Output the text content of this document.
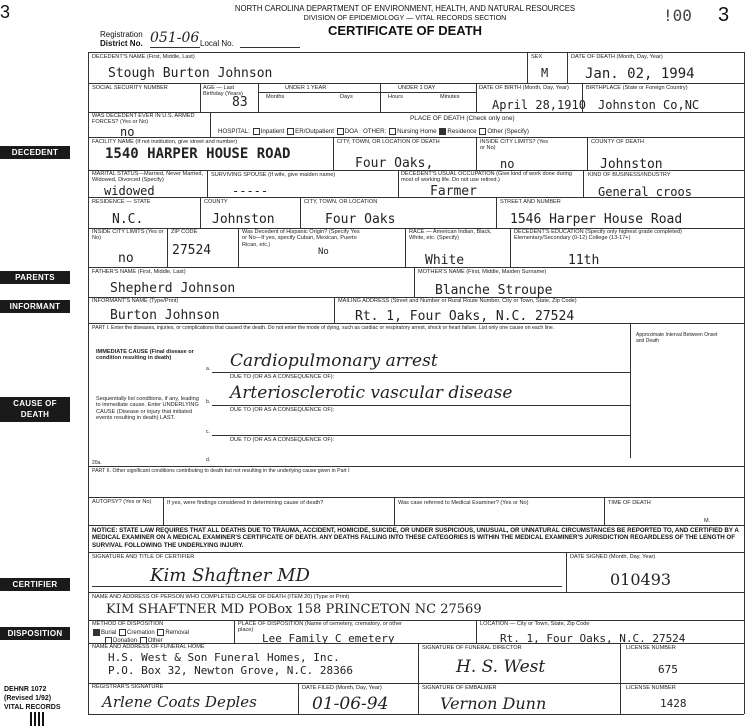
3	NORTH CAROLINA DEPARTMENT OF ENVIRONMENT, HEALTH, AND NATURAL RESOURCES
DIVISION OF EPIDEMIOLOGY — VITAL RECORDS SECTION
CERTIFICATE OF DEATH
!00 3
Registration
District No. 051-06 Local No.
DECEDENT
PARENTS
INFORMANT
CAUSE OF DEATH
CERTIFIER
DISPOSITION
DECEDENT'S NAME (First, Middle, Last)
Stough Burton Johnson
SEX
M
DATE OF DEATH (Month, Day, Year)
Jan. 02, 1994
SOCIAL SECURITY NUMBER	AGE — Last Birthday (Years)
83
UNDER 1 YEAR
Months	Days
UNDER 1 DAY
Hours	Minutes
DATE OF BIRTH (Month, Day, Year)
April 28,1910
BIRTHPLACE (State or Foreign Country)
Johnston Co,NC
WAS DECEDENT EVER IN U.S. ARMED FORCES? (Yes or No)
no
PLACE OF DEATH (Check only one)
HOSPITAL: Inpatient ER/Outpatient DOA OTHER: Nursing Home Residence Other (Specify)
FACILITY NAME (If not institution, give street and number)
1540 HARPER HOUSE ROAD
CITY, TOWN, OR LOCATION OF DEATH
Four Oaks,
INSIDE CITY LIMITS? (Yes or No)
no
COUNTY OF DEATH
Johnston
MARITAL STATUS—Married, Never Married, Widowed, Divorced (Specify)
widowed
SURVIVING SPOUSE (If wife, give maiden name)
-----
DECEDENT'S USUAL OCCUPATION (Give kind of work done during most of working life. Do not use retired.)
Farmer
KIND OF BUSINESS/INDUSTRY
General croos
RESIDENCE — STATE
N.C.
COUNTY
Johnston
CITY, TOWN, OR LOCATION
Four Oaks
STREET AND NUMBER
1546 Harper House Road
INSIDE CITY LIMITS (Yes or No)
no
ZIP CODE
27524
Was Decedent of Hispanic Origin? (Specify Yes or No—If yes, specify Cuban, Mexican, Puerto Rican, etc.)
No
RACE — American Indian, Black, White, etc. (Specify)
White
DECEDENT'S EDUCATION (Specify only highest grade completed) Elementary/Secondary (0-12) College (13-17+)
11th
FATHER'S NAME (First, Middle, Last)
Shepherd Johnson
MOTHER'S NAME (First, Middle, Maiden Surname)
Blanche Stroupe
INFORMANT'S NAME (Type/Print)
Burton Johnson
MAILING ADDRESS (Street and Number or Rural Route Number, City or Town, State, Zip Code)
Rt. 1, Four Oaks, N.C. 27524
PART I. Enter the diseases, injuries, or complications that caused the death. Do not enter the mode of dying, such as cardiac or respiratory arrest, shock or heart failure. List only one cause on each line.
Approximate Interval Between Onset and Death
IMMEDIATE CAUSE (Final disease or condition resulting in death)
a. Cardiopulmonary arrest
DUE TO (OR AS A CONSEQUENCE OF):
Sequentially list conditions, if any, leading to immediate cause. Enter UNDERLYING CAUSE (Disease or injury that initiated events resulting in death) LAST.
b. Arteriosclerotic vascular disease
DUE TO (OR AS A CONSEQUENCE OF):
c.
DUE TO (OR AS A CONSEQUENCE OF):
d.
20a.
PART II. Other significant conditions contributing to death but not resulting in the underlying cause given in Part I
AUTOPSY? (Yes or No)	If yes, were findings considered in determining cause of death?	Was case referred to Medical Examiner? (Yes or No)	TIME OF DEATH
M.
NOTICE: STATE LAW REQUIRES THAT ALL DEATHS DUE TO TRAUMA, ACCIDENT, HOMICIDE, SUICIDE, OR UNDER SUSPICIOUS, UNUSUAL, OR UNNATURAL CIRCUMSTANCES BE REPORTED TO, AND CERTIFIED BY A MEDICAL EXAMINER ON A MEDICAL EXAMINER'S CERTIFICATE OF DEATH. ANY DEATHS FALLING INTO THESE CATEGORIES IS WITHIN THE MEDICAL EXAMINER'S JURISDICTION REGARDLESS OF THE LENGTH OF SURVIVAL FOLLOWING THE UNDERLYING INJURY.
SIGNATURE AND TITLE OF CERTIFIER
Kim Shaftner MD
DATE SIGNED (Month, Day, Year)
010493
NAME AND ADDRESS OF PERSON WHO COMPLETED CAUSE OF DEATH (ITEM 20) (Type or Print)
KIM SHAFTNER MD POBox 158 PRINCETON NC 27569
METHOD OF DISPOSITION
Burial Cremation Removal
Donation Other
PLACE OF DISPOSITION (Name of cemetery, crematory, or other place)
Lee Family C emetery
LOCATION — City or Town, State, Zip Code
Rt. 1, Four Oaks, N.C. 27524
NAME AND ADDRESS OF FUNERAL HOME
H.S. West & Son Funeral Homes, Inc.
P.O. Box 32, Newton Grove, N.C. 28366
SIGNATURE OF FUNERAL DIRECTOR
H. S. West
LICENSE NUMBER
675
REGISTRAR'S SIGNATURE
Arlene Coats Deples
DATE FILED (Month, Day, Year)
01-06-94
SIGNATURE OF EMBALMER
Vernon Dunn
LICENSE NUMBER
1428
DEHNR 1072
(Revised 1/92)
VITAL RECORDS
